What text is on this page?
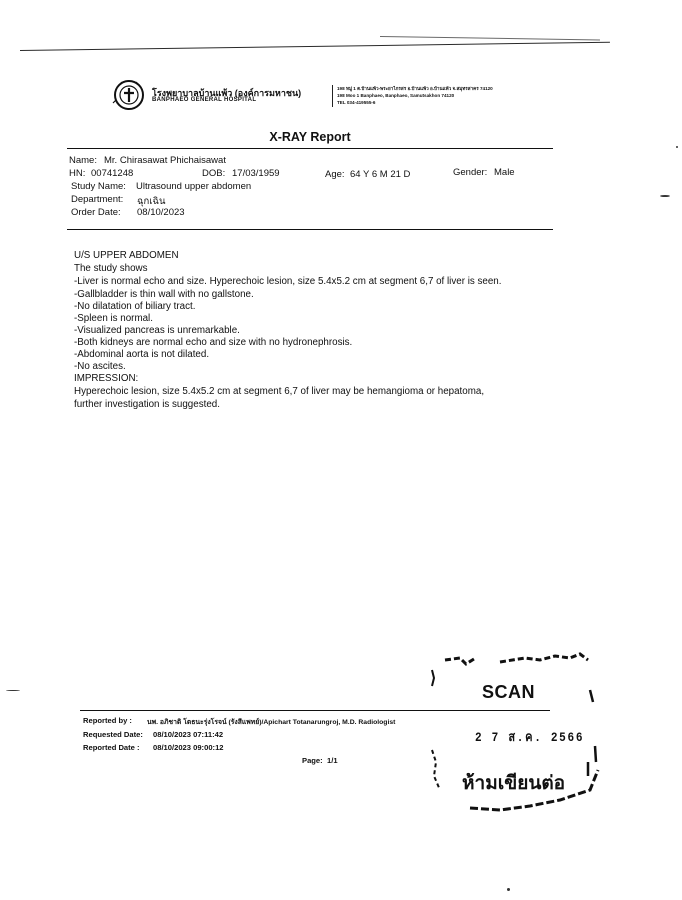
โรงพยาบาลบ้านแพ้ว (องค์การมหาชน)
BANPHAEO GENERAL HOSPITAL
198 หมู่ 1 ต.บ้านแพ้ว-พระยาไกรสร อ.บ้านแพ้ว อ.บ้านแพ้ว จ.สมุทรสาคร 74120
198 Moo 1 Banphaeo, Banphaeo, Samutsakhon 74120
TEL 034-419555-6
X-RAY Report
Name: Mr. Chirasawat Phichaisawat
HN: 00741248	DOB: 17/03/1959	Age: 64 Y 6 M 21 D	Gender: Male
Study Name: Ultrasound upper abdomen
Department: ฉุกเฉิน
Order Date: 08/10/2023
U/S UPPER ABDOMEN
The study shows
-Liver is normal echo and size. Hyperechoic lesion, size 5.4x5.2 cm at segment 6,7 of liver is seen.
-Gallbladder is thin wall with no gallstone.
-No dilatation of biliary tract.
-Spleen is normal.
-Visualized pancreas is unremarkable.
-Both kidneys are normal echo and size with no hydronephrosis.
-Abdominal aorta is not dilated.
-No ascites.
IMPRESSION:
Hyperechoic lesion, size 5.4x5.2 cm at segment 6,7 of liver may be hemangioma or hepatoma,
further investigation is suggested.
Reported by : นพ. อภิชาติ โตธนะรุ่งโรจน์ (รังสีแพทย์)/Apichart Totanarungroj, M.D. Radiologist
Requested Date: 08/10/2023 07:11:42
Reported Date : 08/10/2023 09:00:12
Page: 1/1
SCAN
2 7 ส.ค. 2566
ห้ามเขียนต่อ
